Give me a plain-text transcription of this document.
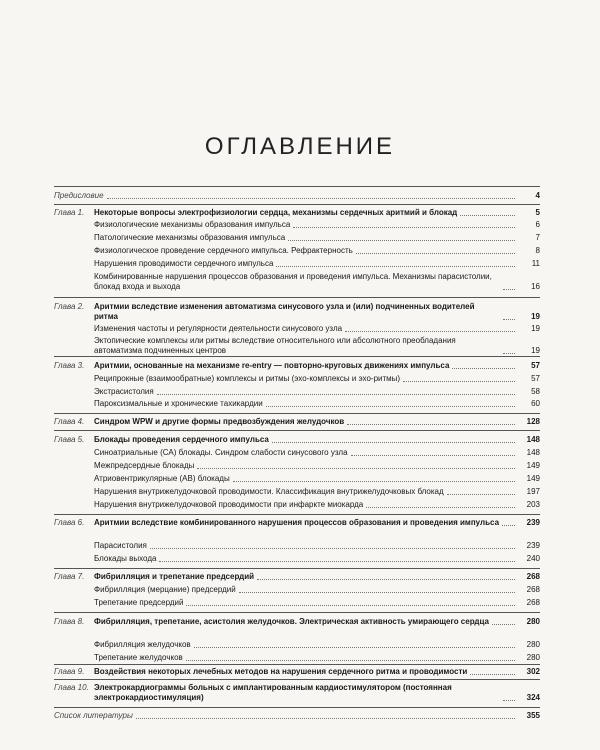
ОГЛАВЛЕНИЕ
Предисловие	4
Глава 1.	Некоторые вопросы электрофизиологии сердца, механизмы сердечных аритмий и блокад	5
Физиологические механизмы образования импульса	6
Патологические механизмы образования импульса	7
Физиологическое проведение сердечного импульса. Рефрактерность	8
Нарушения проводимости сердечного импульса	11
Комбинированные нарушения процессов образования и проведения импульса. Механизмы парасистолии, блокад входа и выхода	16
Глава 2.	Аритмии вследствие изменения автоматизма синусового узла и (или) подчиненных водителей ритма	19
Изменения частоты и регулярности деятельности синусового узла	19
Эктопические комплексы или ритмы вследствие относительного или абсолютного преобладания автоматизма подчиненных центров	19
Глава 3.	Аритмии, основанные на механизме re-entry — повторно-круговых движениях импульса	57
Реципрокные (взаимообратные) комплексы и ритмы (эхо-комплексы и эхо-ритмы)	57
Экстрасистолия	58
Пароксизмальные и хронические тахикардии	60
Глава 4.	Синдром WPW и другие формы предвозбуждения желудочков	128
Глава 5.	Блокады проведения сердечного импульса	148
Синоатриальные (СА) блокады. Синдром слабости синусового узла	148
Межпредсердные блокады	149
Атриовентрикулярные (АВ) блокады	149
Нарушения внутрижелудочковой проводимости. Классификация внутрижелудочковых блокад	197
Нарушения внутрижелудочковой проводимости при инфаркте миокарда	203
Глава 6.	Аритмии вследствие комбинированного нарушения процессов образования и проведения импульса	239
Парасистолия	239
Блокады выхода	240
Глава 7.	Фибрилляция и трепетание предсердий	268
Фибрилляция (мерцание) предсердий	268
Трепетание предсердий	268
Глава 8.	Фибрилляция, трепетание, асистолия желудочков. Электрическая активность умирающего сердца	280
Фибрилляция желудочков	280
Трепетание желудочков	280
Глава 9.	Воздействия некоторых лечебных методов на нарушения сердечного ритма и проводимости	302
Глава 10. Электрокардиограммы больных с имплантированным кардиостимулятором (постоянная электрокардиостимуляция)	324
Список литературы	355
